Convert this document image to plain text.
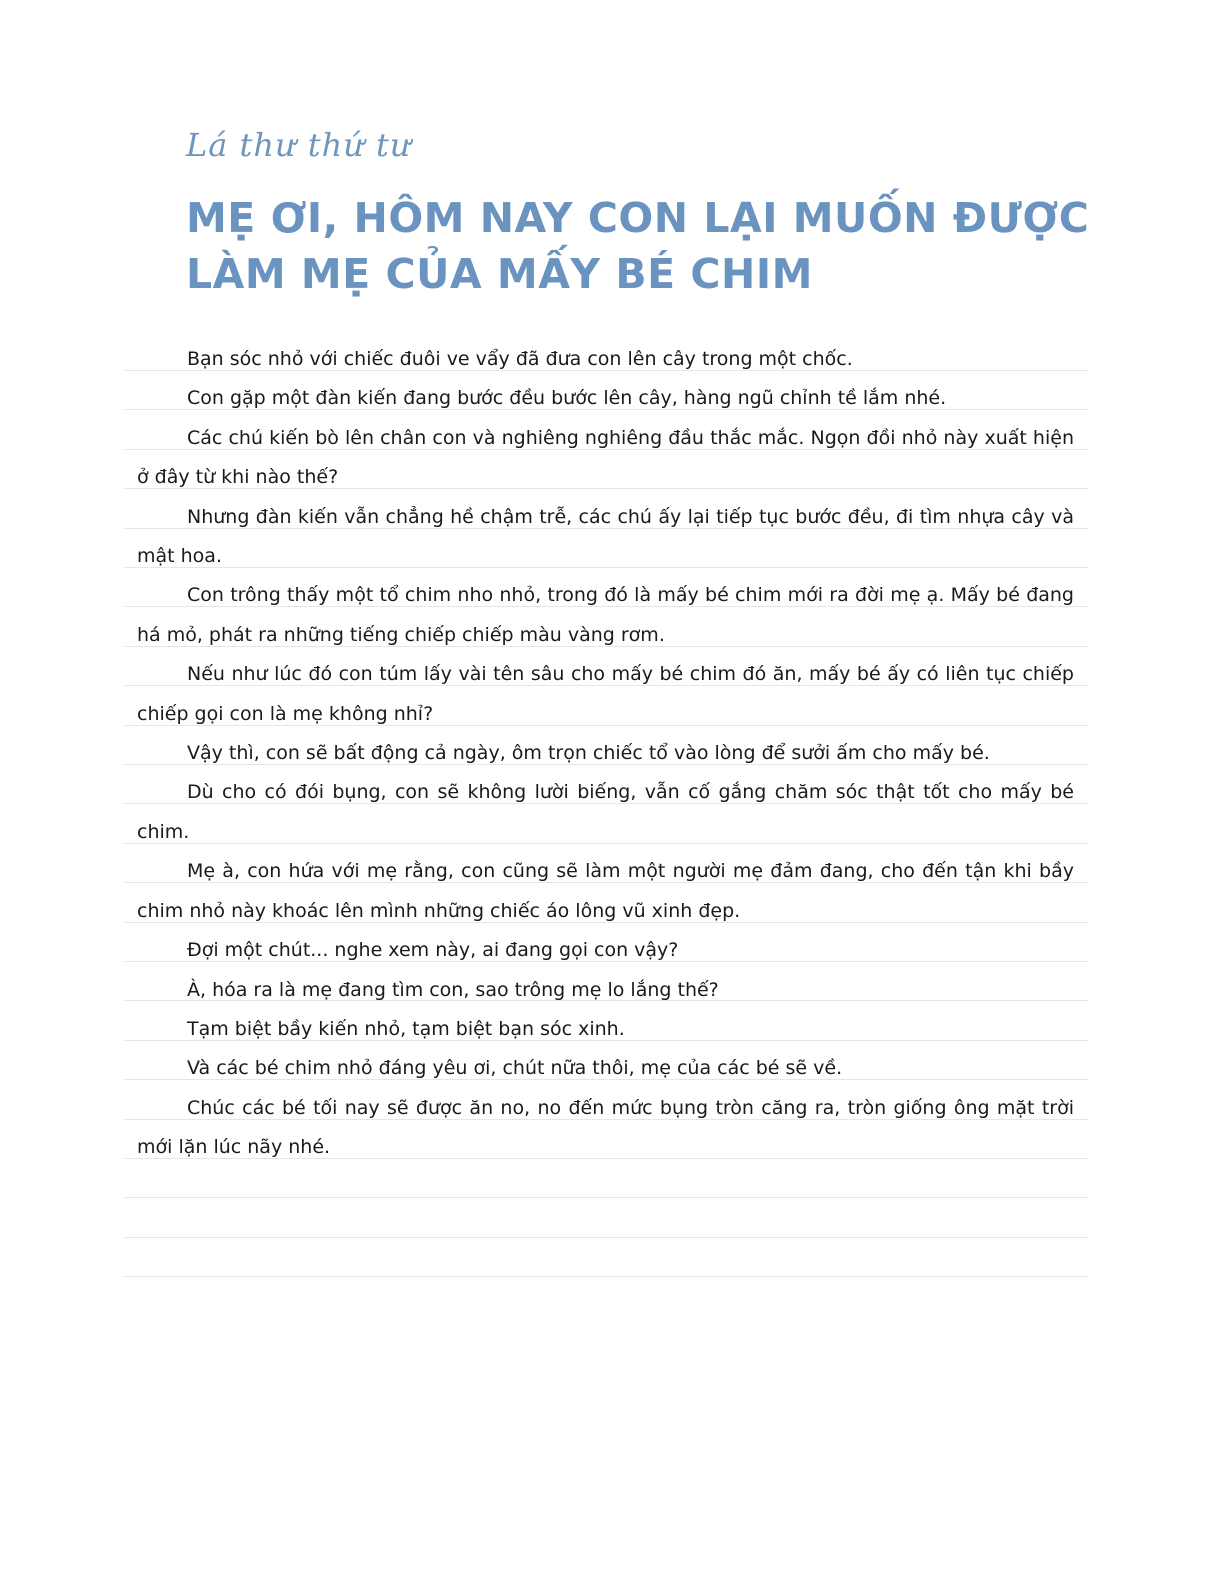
Lá thư thứ tư
MẸ ƠI, HÔM NAY CON LẠI MUỐN ĐƯỢC
LÀM MẸ CỦA MẤY BÉ CHIM

Bạn sóc nhỏ với chiếc đuôi ve vẩy đã đưa con lên cây trong một chốc.

Con gặp một đàn kiến đang bước đều bước lên cây, hàng ngũ chỉnh tề lắm nhé.

Các chú kiến bò lên chân con và nghiêng nghiêng đầu thắc mắc. Ngọn đồi nhỏ này xuất hiện ở đây từ khi nào thế?

Nhưng đàn kiến vẫn chẳng hề chậm trễ, các chú ấy lại tiếp tục bước đều, đi tìm nhựa cây và mật hoa.

Con trông thấy một tổ chim nho nhỏ, trong đó là mấy bé chim mới ra đời mẹ ạ. Mấy bé đang há mỏ, phát ra những tiếng chiếp chiếp màu vàng rơm.

Nếu như lúc đó con túm lấy vài tên sâu cho mấy bé chim đó ăn, mấy bé ấy có liên tục chiếp chiếp gọi con là mẹ không nhỉ?

Vậy thì, con sẽ bất động cả ngày, ôm trọn chiếc tổ vào lòng để sưởi ấm cho mấy bé.

Dù cho có đói bụng, con sẽ không lười biếng, vẫn cố gắng chăm sóc thật tốt cho mấy bé chim.

Mẹ à, con hứa với mẹ rằng, con cũng sẽ làm một người mẹ đảm đang, cho đến tận khi bầy chim nhỏ này khoác lên mình những chiếc áo lông vũ xinh đẹp.

Đợi một chút... nghe xem này, ai đang gọi con vậy?

À, hóa ra là mẹ đang tìm con, sao trông mẹ lo lắng thế?

Tạm biệt bầy kiến nhỏ, tạm biệt bạn sóc xinh.

Và các bé chim nhỏ đáng yêu ơi, chút nữa thôi, mẹ của các bé sẽ về.

Chúc các bé tối nay sẽ được ăn no, no đến mức bụng tròn căng ra, tròn giống ông mặt trời mới lặn lúc nãy nhé.
